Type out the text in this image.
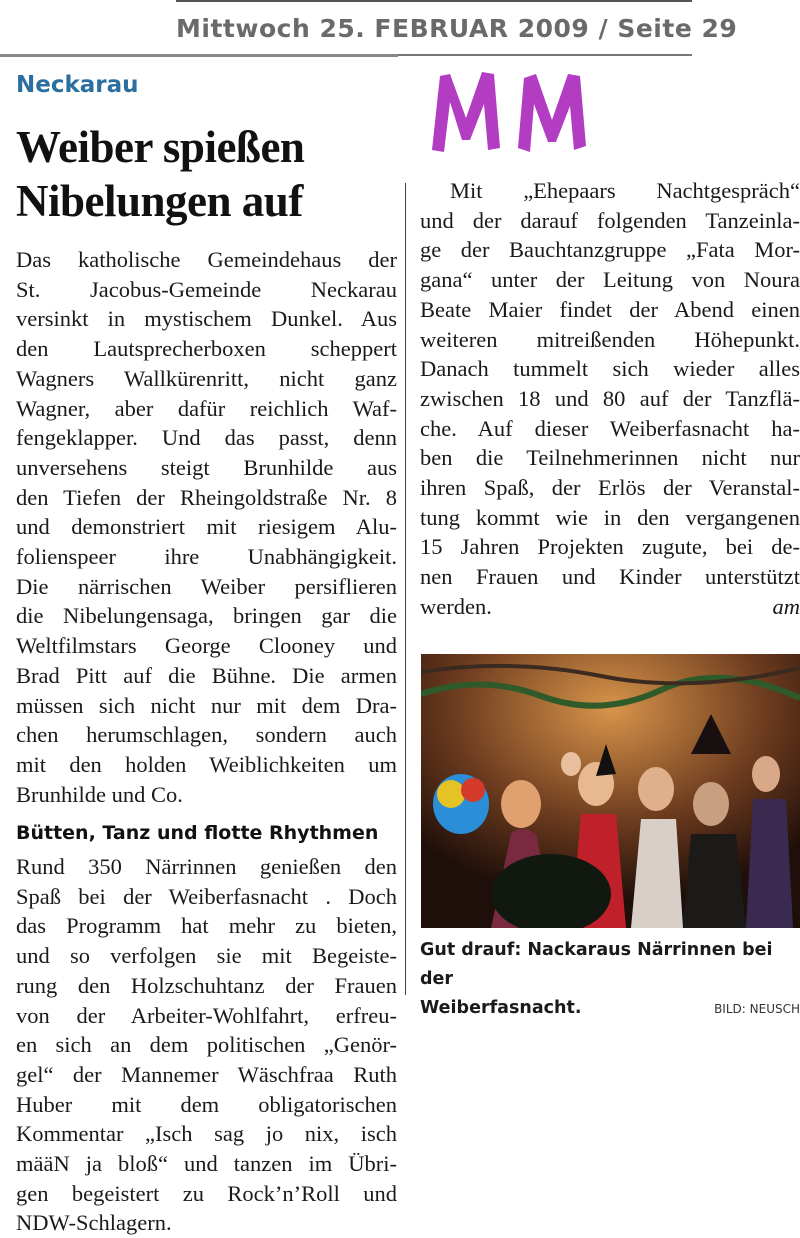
Mittwoch 25. FEBRUAR 2009 / Seite 29
Neckarau
Weiber spießen
Nibelungen auf
Das katholische Gemeindehaus der
St. Jacobus-Gemeinde Neckarau
versinkt in mystischem Dunkel. Aus
den Lautsprecherboxen scheppert
Wagners Wallkürenritt, nicht ganz
Wagner, aber dafür reichlich Waf-
fengeklapper. Und das passt, denn
unversehens steigt Brunhilde aus
den Tiefen der Rheingoldstraße Nr. 8
und demonstriert mit riesigem Alu-
folienspeer ihre Unabhängigkeit.
Die närrischen Weiber persiflieren
die Nibelungensaga, bringen gar die
Weltfilmstars George Clooney und
Brad Pitt auf die Bühne. Die armen
müssen sich nicht nur mit dem Dra-
chen herumschlagen, sondern auch
mit den holden Weiblichkeiten um
Brunhilde und Co.
Bütten, Tanz und flotte Rhythmen
Rund 350 Närrinnen genießen den
Spaß bei der Weiberfasnacht . Doch
das Programm hat mehr zu bieten,
und so verfolgen sie mit Begeiste-
rung den Holzschuhtanz der Frauen
von der Arbeiter-Wohlfahrt, erfreu-
en sich an dem politischen „Genör-
gel“ der Mannemer Wäschfraa Ruth
Huber mit dem obligatorischen
Kommentar „Isch sag jo nix, isch
määN ja bloß“ und tanzen im Übri-
gen begeistert zu Rock’n’Roll und
NDW-Schlagern.
Mit „Ehepaars Nachtgespräch“
und der darauf folgenden Tanzeinla-
ge der Bauchtanzgruppe „Fata Mor-
gana“ unter der Leitung von Noura
Beate Maier findet der Abend einen
weiteren mitreißenden Höhepunkt.
Danach tummelt sich wieder alles
zwischen 18 und 80 auf der Tanzflä-
che. Auf dieser Weiberfasnacht ha-
ben die Teilnehmerinnen nicht nur
ihren Spaß, der Erlös der Veranstal-
tung kommt wie in den vergangenen
15 Jahren Projekten zugute, bei de-
nen Frauen und Kinder unterstützt
werden.	am
Gut drauf: Nackaraus Närrinnen bei der
Weiberfasnacht.	BILD: NEUSCH
